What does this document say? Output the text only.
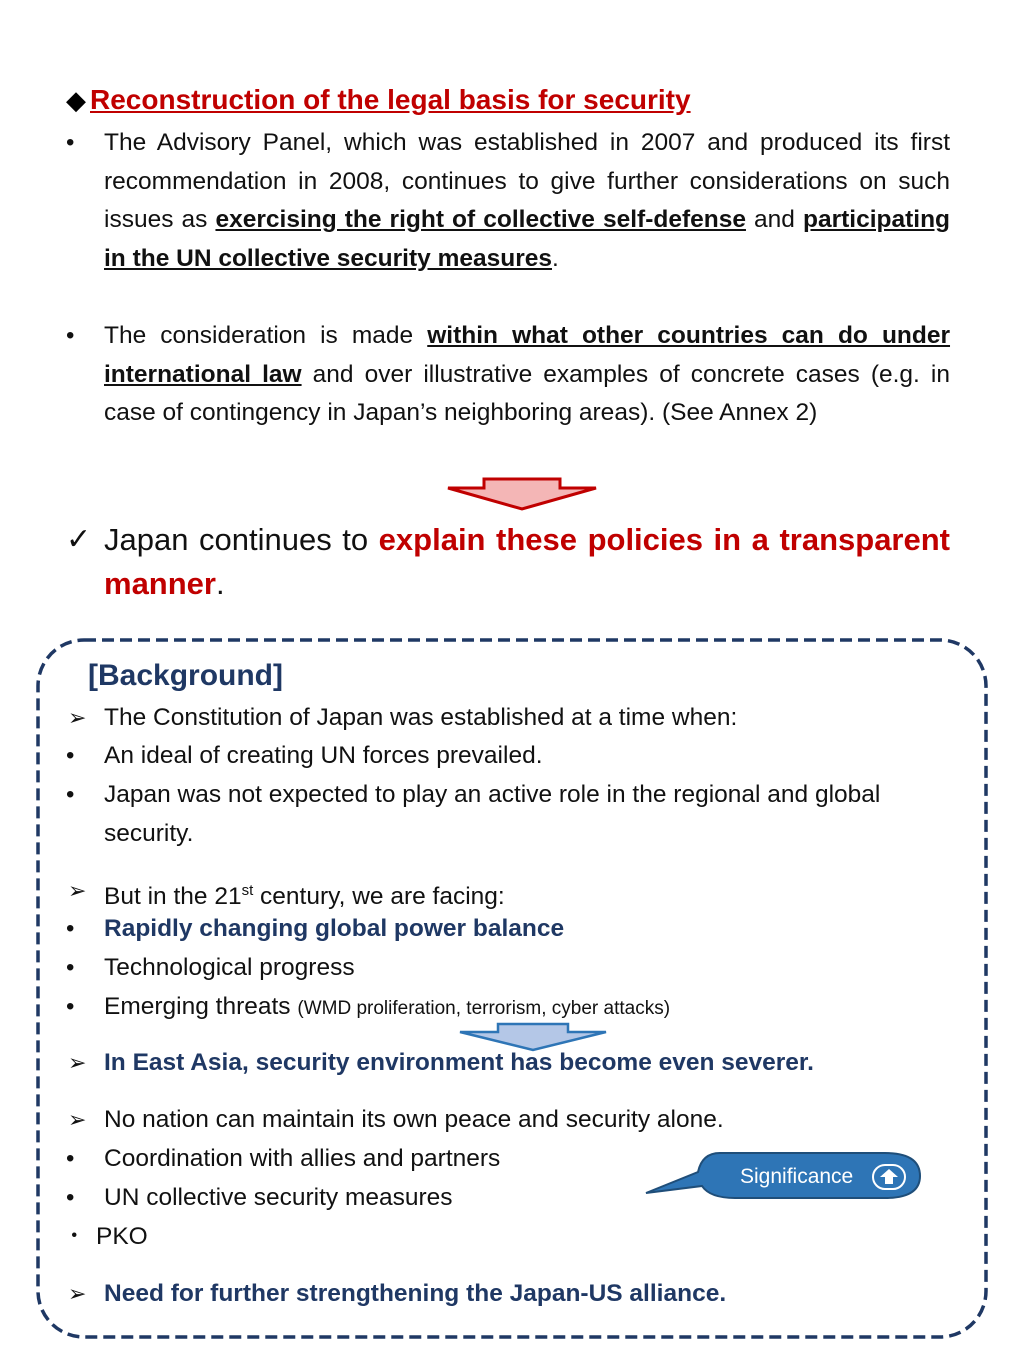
◆ Reconstruction of the legal basis for security
• The Advisory Panel, which was established in 2007 and produced its first recommendation in 2008, continues to give further considerations on such issues as exercising the right of collective self-defense and participating in the UN collective security measures.
• The consideration is made within what other countries can do under international law and over illustrative examples of concrete cases (e.g. in case of contingency in Japan’s neighboring areas). (See Annex 2)
✓ Japan continues to explain these policies in a transparent manner.
[Background]
➢ The Constitution of Japan was established at a time when:
• An ideal of creating UN forces prevailed.
• Japan was not expected to play an active role in the regional and global security.
➢ But in the 21st century, we are facing:
• Rapidly changing global power balance
• Technological progress
• Emerging threats (WMD proliferation, terrorism, cyber attacks)
➢ In East Asia, security environment has become even severer.
➢ No nation can maintain its own peace and security alone.
• Coordination with allies and partners
• UN collective security measures
・ PKO
➢ Need for further strengthening the Japan-US alliance.
Significance
